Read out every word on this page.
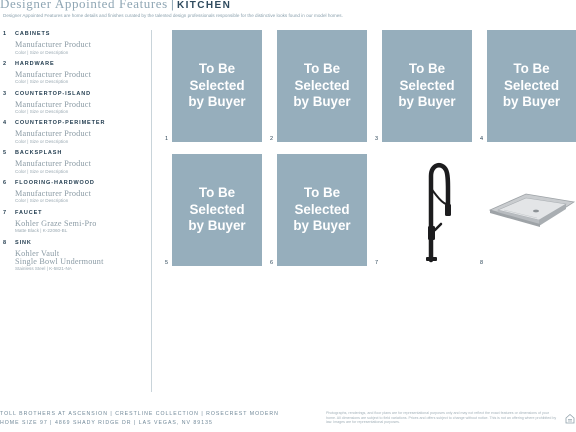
Designer Appointed Features | KITCHEN
Designer Appointed Features are home details and finishes curated by the talented design professionals responsible for the distinctive looks found in our model homes.
1 CABINETS
Manufacturer Product
Color | Size or Description
2 HARDWARE
Manufacturer Product
Color | Size or Description
3 COUNTERTOP-ISLAND
Manufacturer Product
Color | Size or Description
4 COUNTERTOP-PERIMETER
Manufacturer Product
Color | Size or Description
5 BACKSPLASH
Manufacturer Product
Color | Size or Description
6 FLOORING-HARDWOOD
Manufacturer Product
Color | Size or Description
7 FAUCET
Kohler Graze Semi-Pro
Matte Black | K-22060-BL
8 SINK
Kohler Vault
Single Bowl Undermount
Stainless Steel | K-5821-NA
To Be
Selected
by Buyer
1
To Be
Selected
by Buyer
2
To Be
Selected
by Buyer
3
To Be
Selected
by Buyer
4
To Be
Selected
by Buyer
5
To Be
Selected
by Buyer
6	7	8
TOLL BROTHERS AT ASCENSION | CRESTLINE COLLECTION | ROSECREST MODERN
HOME SIZE 97 | 4869 SHADY RIDGE DR | LAS VEGAS, NV 89135
Photographs, renderings, and floor plans are for representational purposes only and may not reflect the exact features or dimensions of your home. All dimensions are subject to field variations. Prices and offers subject to change without notice. This is not an offering where prohibited by law. Images are for representational purposes.
